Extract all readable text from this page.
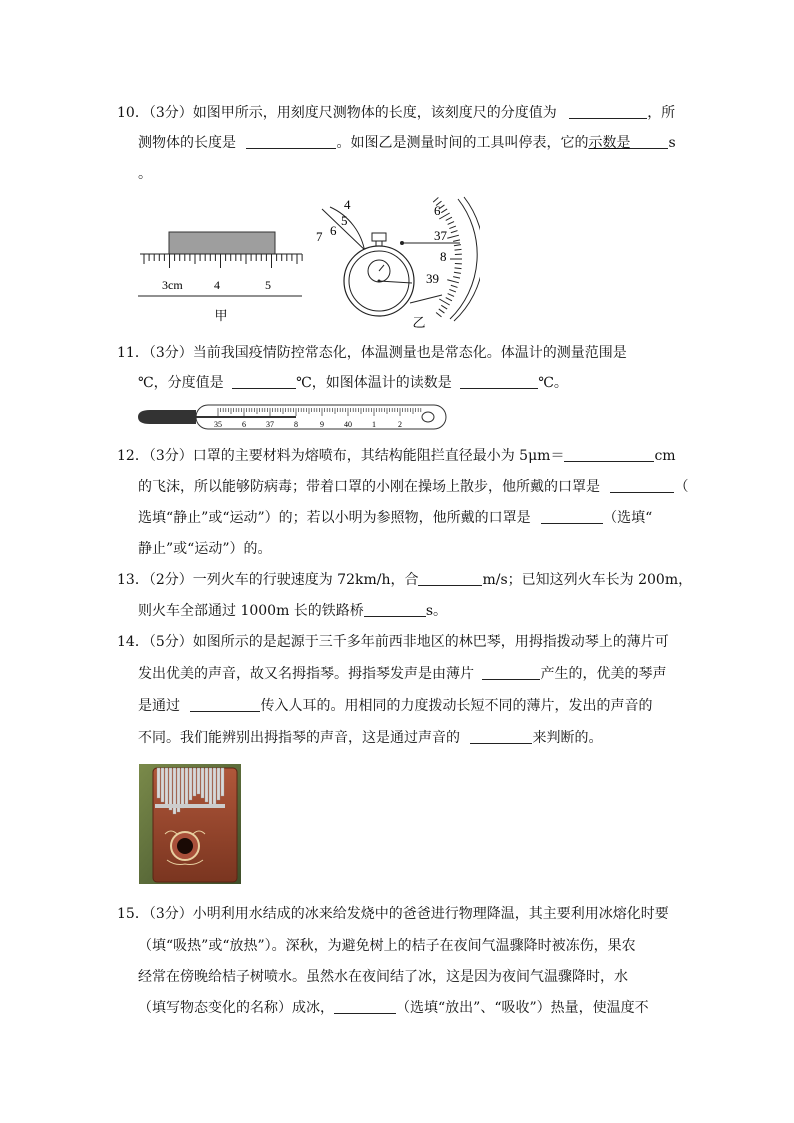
10．（3分）如图甲所示，用刻度尺测物体的长度，该刻度尺的分度值为	，所
测物体的长度是	。如图乙是测量时间的工具叫停表，它的示数是	s
。
3cm	4	5
甲
4
5
6
7
6
37
8
39
乙
11．（3分）当前我国疫情防控常态化，体温测量也是常态化。体温计的测量范围是
℃，分度值是	℃，如图体温计的读数是	℃。
35	6	37	8	9	40	1	2
12．（3分）口罩的主要材料为熔喷布，其结构能阻拦直径最小为 5μm＝	cm
的飞沫，所以能够防病毒；带着口罩的小刚在操场上散步，他所戴的口罩是	（
选填“静止”或“运动”）的；若以小明为参照物，他所戴的口罩是	（选填“
静止”或“运动”）的。
13．（2分）一列火车的行驶速度为 72km/h，合	m/s；已知这列火车长为 200m，
则火车全部通过 1000m 长的铁路桥	s。
14．（5分）如图所示的是起源于三千多年前西非地区的林巴琴，用拇指拨动琴上的薄片可
发出优美的声音，故又名拇指琴。拇指琴发声是由薄片	产生的，优美的琴声
是通过	传入人耳的。用相同的力度拨动长短不同的薄片，发出的声音的
不同。我们能辨别出拇指琴的声音，这是通过声音的	来判断的。
15．（3分）小明利用水结成的冰来给发烧中的爸爸进行物理降温，其主要利用冰熔化时要
（填“吸热”或“放热”）。深秋，为避免树上的桔子在夜间气温骤降时被冻伤，果农
经常在傍晚给桔子树喷水。虽然水在夜间结了冰，这是因为夜间气温骤降时，水
（填写物态变化的名称）成冰，	（选填“放出”、“吸收”）热量，使温度不
